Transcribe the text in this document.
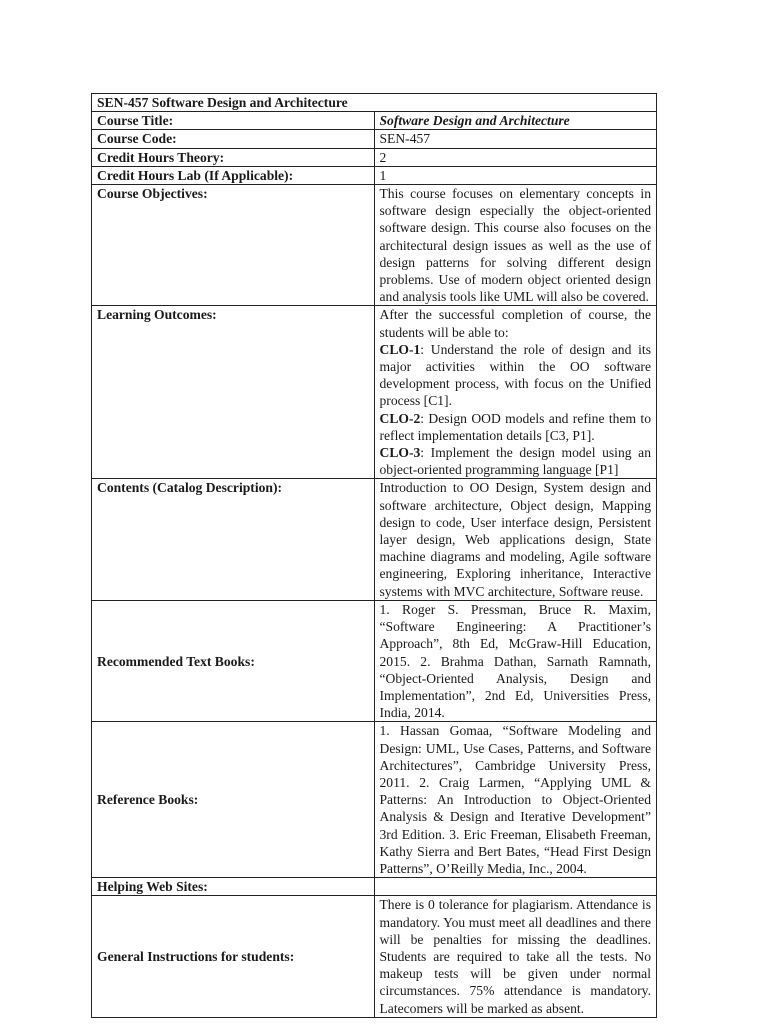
SEN-457 Software Design and Architecture	
Course Title:	Software Design and Architecture
Course Code:	SEN-457
Credit Hours Theory:	2
Credit Hours Lab (If Applicable):	1
Course Objectives:	This course focuses on elementary concepts in software design especially the object-oriented software design. This course also focuses on the architectural design issues as well as the use of design patterns for solving different design problems. Use of modern object oriented design and analysis tools like UML will also be covered.
Learning Outcomes:	After the successful completion of course, the students will be able to:

CLO-1: Understand the role of design and its major activities within the OO software development process, with focus on the Unified process [C1].

CLO-2: Design OOD models and refine them to reflect implementation details [C3, P1].

CLO-3: Implement the design model using an object-oriented programming language [P1]

Contents (Catalog Description):	Introduction to OO Design, System design and software architecture, Object design, Mapping design to code, User interface design, Persistent layer design, Web applications design, State machine diagrams and modeling, Agile software engineering, Exploring inheritance, Interactive systems with MVC architecture, Software reuse.
Recommended Text Books:	1. Roger S. Pressman, Bruce R. Maxim, “Software Engineering: A Practitioner’s Approach”, 8th Ed, McGraw-Hill Education, 2015. 2. Brahma Dathan, Sarnath Ramnath, “Object-Oriented Analysis, Design and Implementation”, 2nd Ed, Universities Press, India, 2014.
Reference Books:	1. Hassan Gomaa, “Software Modeling and Design: UML, Use Cases, Patterns, and Software Architectures”, Cambridge University Press, 2011. 2. Craig Larmen, “Applying UML & Patterns: An Introduction to Object-Oriented Analysis & Design and Iterative Development” 3rd Edition. 3. Eric Freeman, Elisabeth Freeman, Kathy Sierra and Bert Bates, “Head First Design Patterns”, O’Reilly Media, Inc., 2004.
Helping Web Sites:	
General Instructions for students:	There is 0 tolerance for plagiarism. Attendance is mandatory. You must meet all deadlines and there will be penalties for missing the deadlines. Students are required to take all the tests. No makeup tests will be given under normal circumstances. 75% attendance is mandatory. Latecomers will be marked as absent.
